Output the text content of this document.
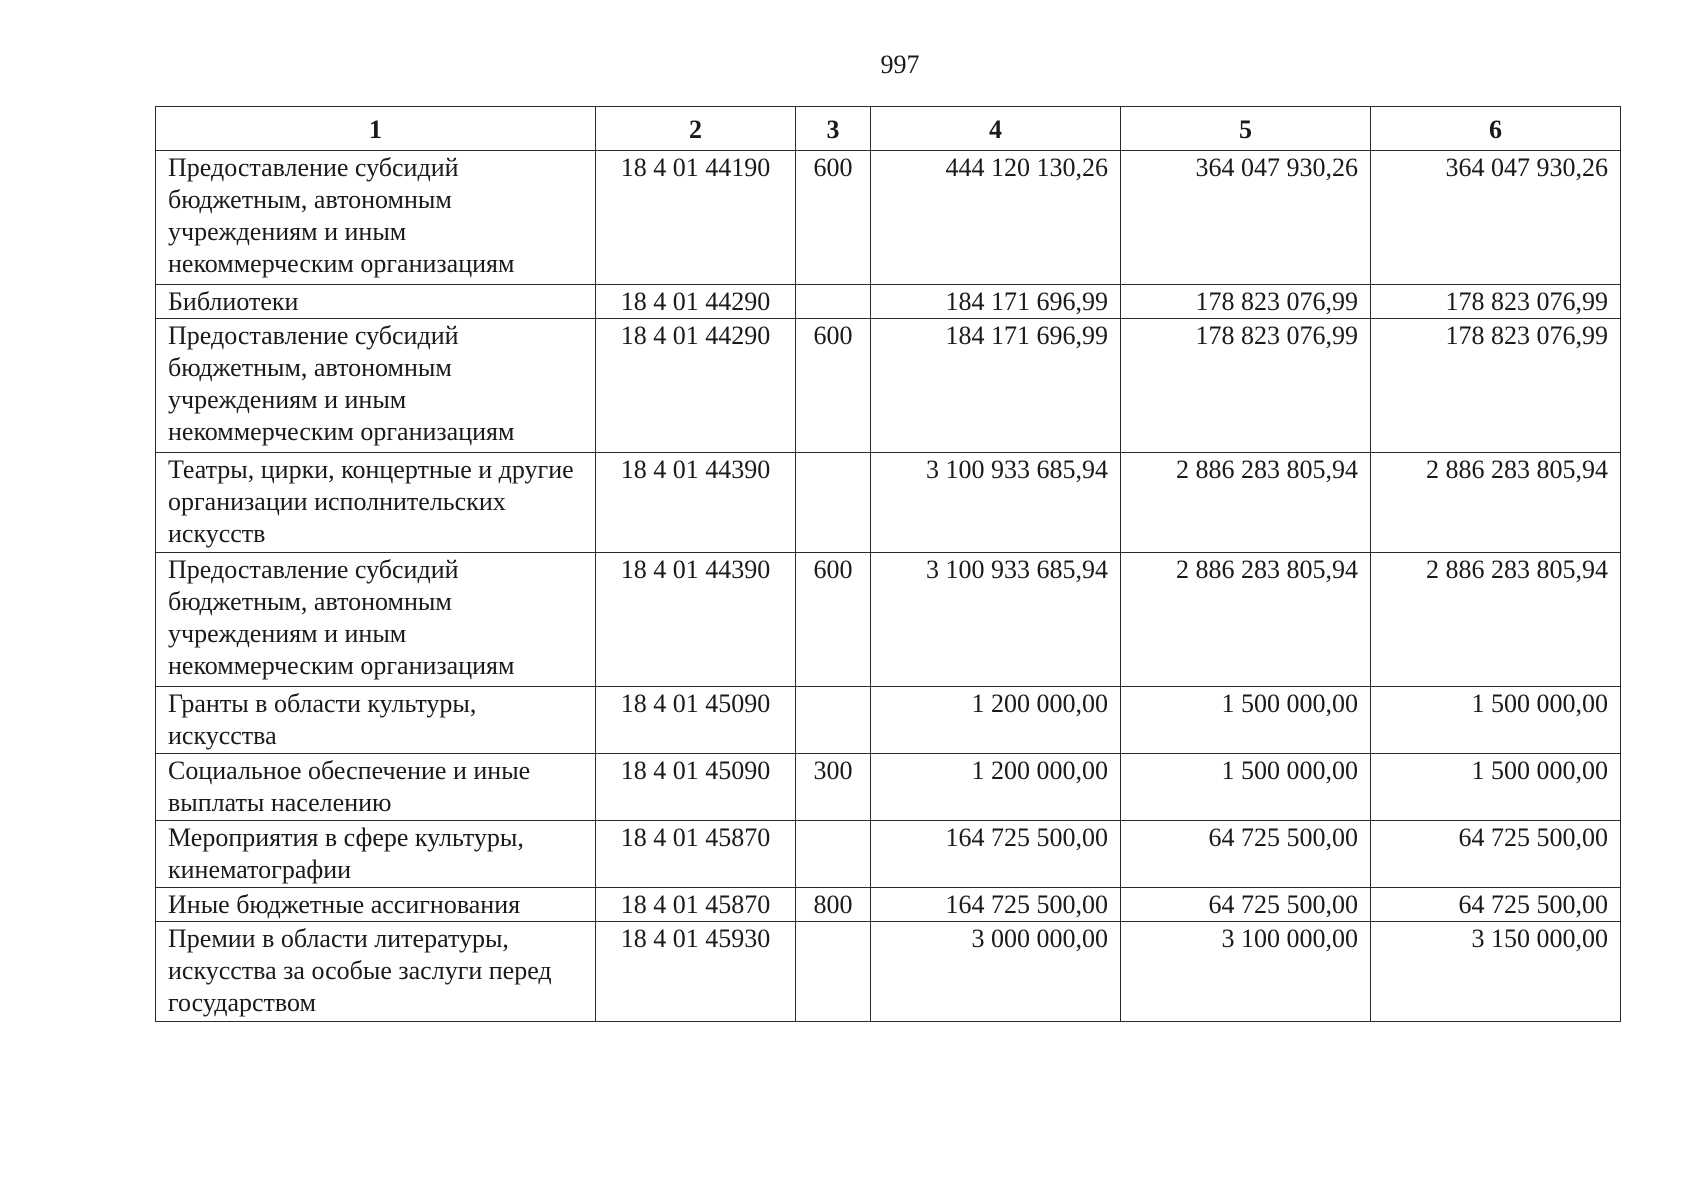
997
1	2	3	4	5	6
Предоставление субсидий бюджетным, автономным учреждениям и иным некоммерческим организациям	18 4 01 44190	600	444 120 130,26	364 047 930,26	364 047 930,26
Библиотеки	18 4 01 44290		184 171 696,99	178 823 076,99	178 823 076,99
Предоставление субсидий бюджетным, автономным учреждениям и иным некоммерческим организациям	18 4 01 44290	600	184 171 696,99	178 823 076,99	178 823 076,99
Театры, цирки, концертные и другие организации исполнительских искусств	18 4 01 44390		3 100 933 685,94	2 886 283 805,94	2 886 283 805,94
Предоставление субсидий бюджетным, автономным учреждениям и иным некоммерческим организациям	18 4 01 44390	600	3 100 933 685,94	2 886 283 805,94	2 886 283 805,94
Гранты в области культуры, искусства	18 4 01 45090		1 200 000,00	1 500 000,00	1 500 000,00
Социальное обеспечение и иные выплаты населению	18 4 01 45090	300	1 200 000,00	1 500 000,00	1 500 000,00
Мероприятия в сфере культуры, кинематографии	18 4 01 45870		164 725 500,00	64 725 500,00	64 725 500,00
Иные бюджетные ассигнования	18 4 01 45870	800	164 725 500,00	64 725 500,00	64 725 500,00
Премии в области литературы, искусства за особые заслуги перед государством	18 4 01 45930		3 000 000,00	3 100 000,00	3 150 000,00
